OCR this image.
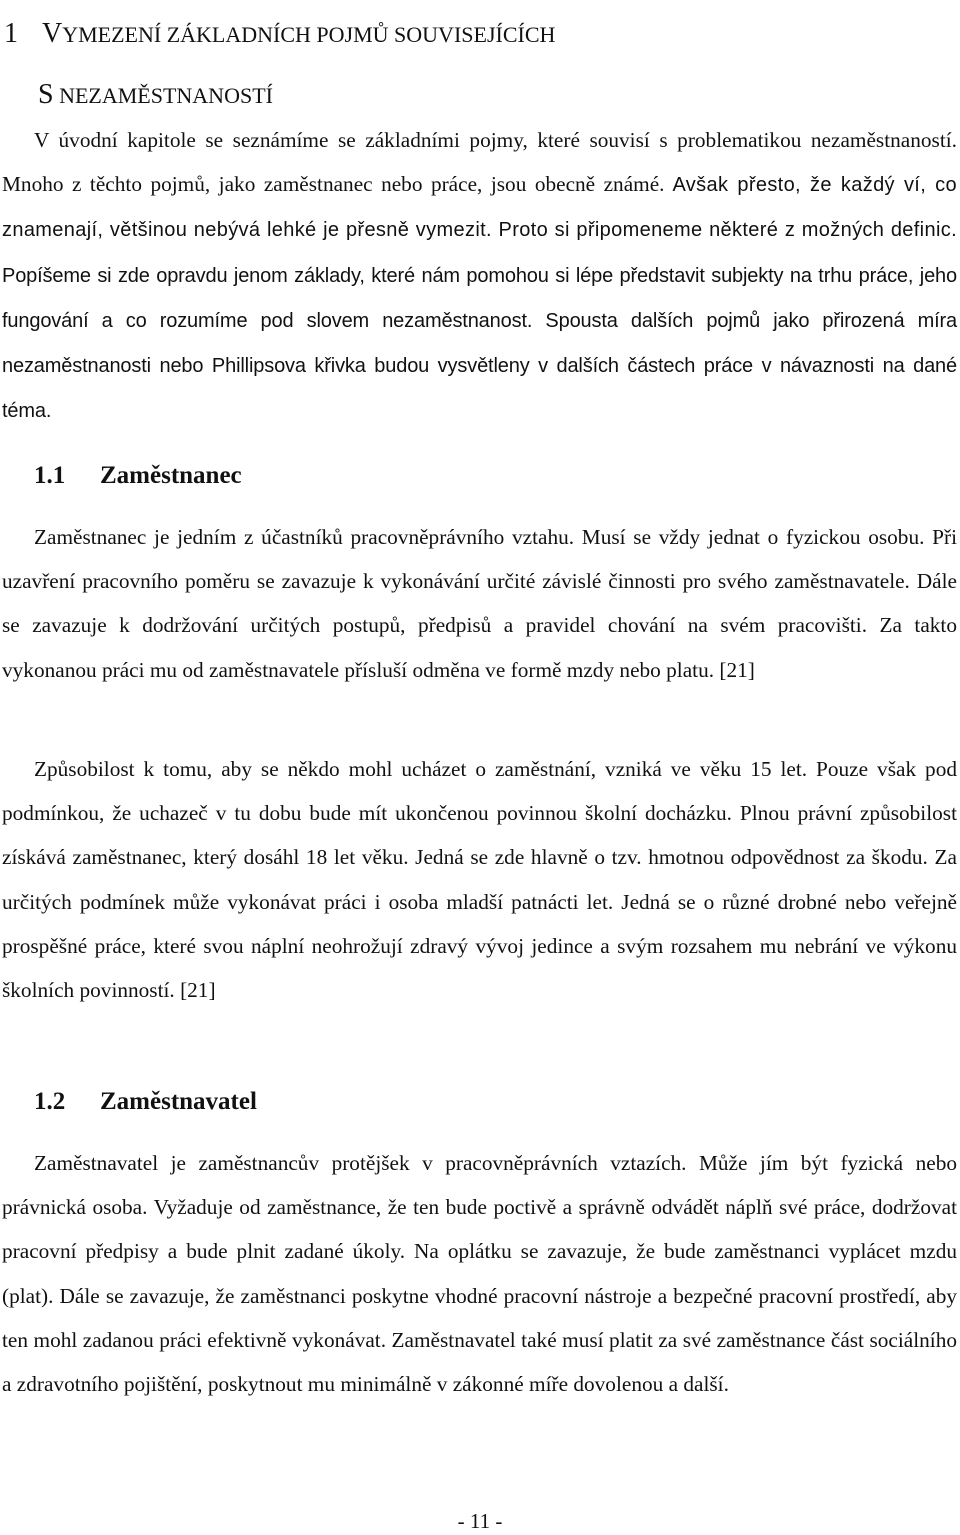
1 VYMEZENÍ ZÁKLADNÍCH POJMŮ SOUVISEJÍCÍCH
S NEZAMĚSTNANOSTÍ

V úvodní kapitole se seznámíme se základními pojmy, které souvisí s problematikou nezaměstnaností. Mnoho z těchto pojmů, jako zaměstnanec nebo práce, jsou obecně známé. Avšak přesto, že každý ví, co znamenají, většinou nebývá lehké je přesně vymezit. Proto si připomeneme některé z možných definic. Popíšeme si zde opravdu jenom základy, které nám pomohou si lépe představit subjekty na trhu práce, jeho fungování a co rozumíme pod slovem nezaměstnanost. Spousta dalších pojmů jako přirozená míra nezaměstnanosti nebo Phillipsova křivka budou vysvětleny v dalších částech práce v návaznosti na dané téma.

1.1 Zaměstnanec

Zaměstnanec je jedním z účastníků pracovněprávního vztahu. Musí se vždy jednat o fyzickou osobu. Při uzavření pracovního poměru se zavazuje k vykonávání určité závislé činnosti pro svého zaměstnavatele. Dále se zavazuje k dodržování určitých postupů, předpisů a pravidel chování na svém pracovišti. Za takto vykonanou práci mu od zaměstnavatele přísluší odměna ve formě mzdy nebo platu. [21]

Způsobilost k tomu, aby se někdo mohl ucházet o zaměstnání, vzniká ve věku 15 let. Pouze však pod podmínkou, že uchazeč v tu dobu bude mít ukončenou povinnou školní docházku. Plnou právní způsobilost získává zaměstnanec, který dosáhl 18 let věku. Jedná se zde hlavně o tzv. hmotnou odpovědnost za škodu. Za určitých podmínek může vykonávat práci i osoba mladší patnácti let. Jedná se o různé drobné nebo veřejně prospěšné práce, které svou náplní neohrožují zdravý vývoj jedince a svým rozsahem mu nebrání ve výkonu školních povinností. [21]

1.2 Zaměstnavatel

Zaměstnavatel je zaměstnancův protějšek v pracovněprávních vztazích. Může jím být fyzická nebo právnická osoba. Vyžaduje od zaměstnance, že ten bude poctivě a správně odvádět náplň své práce, dodržovat pracovní předpisy a bude plnit zadané úkoly. Na oplátku se zavazuje, že bude zaměstnanci vyplácet mzdu (plat). Dále se zavazuje, že zaměstnanci poskytne vhodné pracovní nástroje a bezpečné pracovní prostředí, aby ten mohl zadanou práci efektivně vykonávat. Zaměstnavatel také musí platit za své zaměstnance část sociálního a zdravotního pojištění, poskytnout mu minimálně v zákonné míře dovolenou a další.

- 11 -
